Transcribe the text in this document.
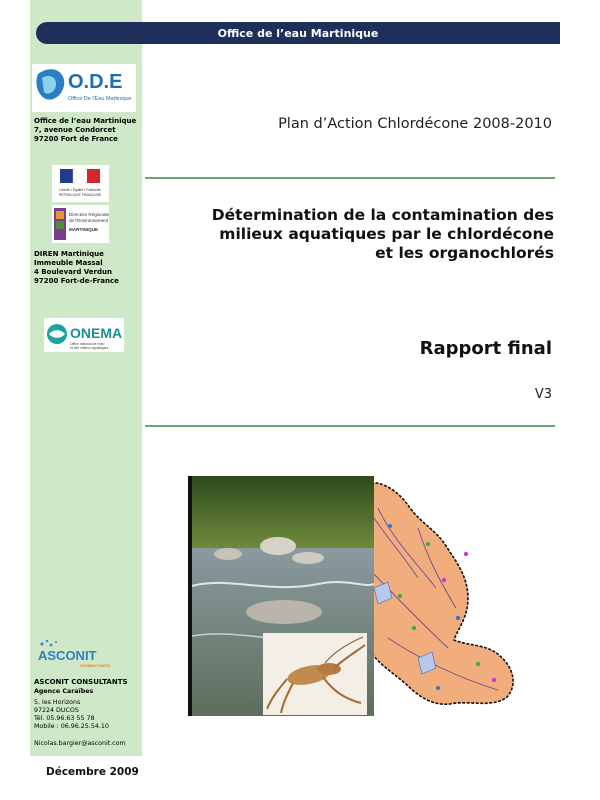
Office de l’eau Martinique
O.D.E
Office De l'Eau Martinique
Office de l’eau Martinique
7, avenue Condorcet
97200 Fort de France
Liberté • Égalité • Fraternité
RÉPUBLIQUE FRANÇAISE
Direction Régionale
de l'Environnement
MARTINIQUE
DIREN Martinique
Immeuble Massal
4 Boulevard Verdun
97200 Fort-de-France
ONEMA
Office national de l'eau
et des milieux aquatiques
ASCONIT
CONSULTANTS
ASCONIT CONSULTANTS
Agence Caraïbes
5, les Horizons
97224 DUCOS
Tél. 05.96.63 55 78
Mobile : 06.96.25.54.10
Nicolas.bargier@asconit.com
Plan d’Action Chlordécone 2008-2010
Détermination de la contamination des
milieux aquatiques par le chlordécone
et les organochlorés
Rapport final
V3
Décembre 2009
